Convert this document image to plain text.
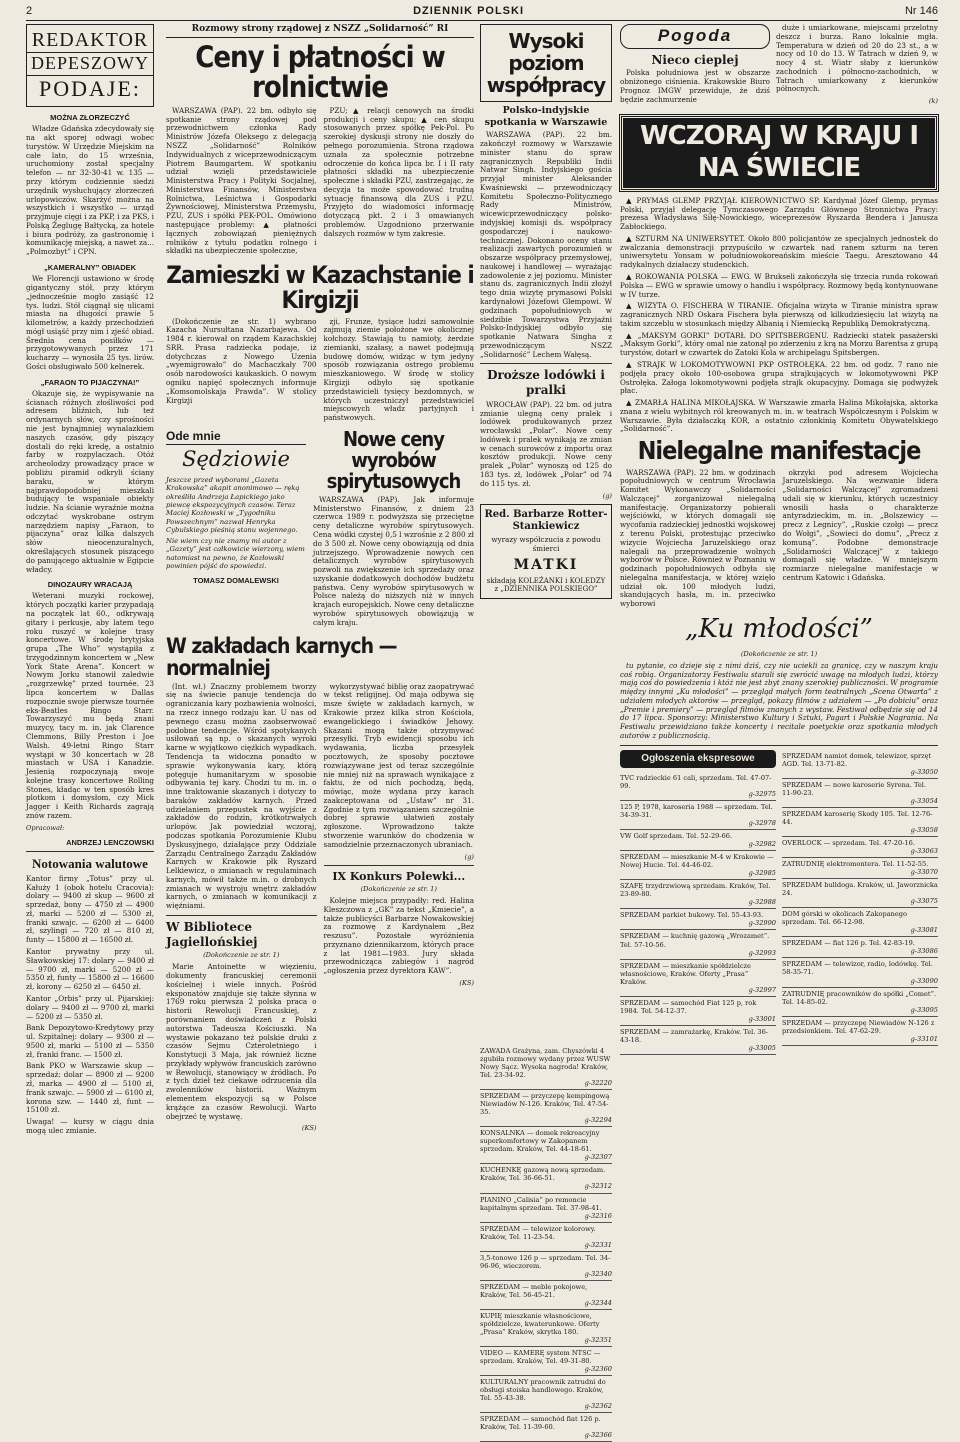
2	DZIENNIK POLSKI	Nr 146
REDAKTOR
DEPESZOWY
PODAJE:
MOŻNA ZŁORZECZYĆ

Władze Gdańska zdecydowały się na akt sporej odwagi wobec turystów. W Urzędzie Miejskim na całe lato, do 15 września, uruchomiony został specjalny telefon — nr 32-30-41 w. 135 — przy którym codziennie siedzi urzędnik wysłuchujący złorzeczeń urlopowiczów. Skarżyć można na wszystkich i wszystko — urząd przyjmuje cięgi i za PKP, i za PKS, i Polską Żeglugę Bałtycką, za hotele i biura podróży, za gastronomię i komunikację miejską, a nawet za... „Polmozbyt” i CPN.

„KAMERALNY” OBIADEK

We Florencji ustawiono w środę gigantyczny stół, przy którym „jednocześnie mogło zasiąść 12 tys. ludzi. Stół ciągnął się ulicami miasta na długości prawie 5 kilometrów, a każdy przechodzień mógł usiąść przy nim i zjeść obiad. Średnia cena posiłków — przygotowywanych przez 171 kucharzy — wynosiła 25 tys. lirów. Gości obsługiwało 500 kelnerek.

„FARAON TO PIJACZYNA!”

Okazuje się, że wypisywanie na ścianach różnych złośliwości pod adresem bliźnich, lub też ordynarnych słów, czy sprośności nie jest bynajmniej wynalazkiem naszych czasów, gdy piszący dostali do ręki kredę, a ostatnio farby w rozpylaczach. Otóż archeolodzy prowadzący prace w pobliżu piramid odkryli ściany baraku, w którym najprawdopodobniej mieszkali budujący te wspaniałe obiekty ludzie. Na ścianie wyraźnie można odczytać wyskrobane ostrym narzędziem napisy „Faraon, to pijaczyna” oraz kilka dalszych słów nieocenzuralnych, określających stosunek piszącego do panującego aktualnie w Egipcie władcy.

DINOZAURY WRACAJĄ

Weterani muzyki rockowej, których początki karier przypadają na początek lat 60., odkrywają gitary i perkusje, aby latem tego roku ruszyć w kolejne trasy koncertowe. W środę brytyjska grupa „The Who” wystąpiła z trzygodzinnym koncertem w „New York State Arena”. Koncert w Nowym Jorku stanowił zaledwie „rozgrzewkę” przed tournée. 23 lipca koncertem w Dallas rozpocznie swoje pierwsze tournée eks-Beatles Ringo Starr. Towarzyszyć mu będą znani muzycy, tacy m. in. jak Clarence Clemmons, Billy Preston i Joe Walsh. 49-letni Ringo Starr wystąpi w 30 koncertach w 28 miastach w USA i Kanadzie. Jesienią rozpoczynają swoje kolejne trasy koncertowe Rolling Stones, kładąc w ten sposób kres plotkom i domysłom, czy Mick Jagger i Keith Richards zagrają znów razem.

Opracował:
ANDRZEJ LENCZOWSKI
Notowania walutowe

Kantor firmy „Totus” przy ul. Kałuży 1 (obok hotelu Cracovia): dolary — 9400 zł skup — 9600 zł sprzedaż, bony — 4750 zł — 4900 zł, marki — 5200 zł — 5300 zł, franki szwajc. — 6200 zł — 6400 zł, szylingi — 720 zł — 810 zł, funty — 15800 zł — 16500 zł.

Kantor prywatny przy ul. Sławkowskiej 17: dolary — 9400 zł — 9700 zł, marki — 5200 zł — 5350 zł, funty — 15800 zł — 16600 zł, korony — 6250 zł — 6450 zł.

Kantor „Orbis” przy ul. Pijarskiej: dolary — 9400 zł — 9700 zł, marki — 5200 zł — 5350 zł.

Bank Depozytowo-Kredytowy przy ul. Szpitalnej: dolary — 9300 zł — 9500 zł, marki — 5100 zł — 5350 zł, franki franc. — 1500 zł.

Bank PKO w Warszawie skup — sprzedaż: dolar — 8900 zł — 9200 zł, marka — 4900 zł — 5100 zł, frank szwajc. — 5900 zł — 6100 zł, korona szw. — 1440 zł, funt — 15100 zł.

Uwaga! — kursy w ciągu dnia mogą ulec zmianie.

Rozmowy strony rządowej z NSZZ „Solidarność” RI
Ceny i płatności w rolnictwie

WARSZAWA (PAP). 22 bm. odbyło się spotkanie strony rządowej pod przewodnictwem członka Rady Ministrów Józefa Oleksego z delegacją NSZZ „Solidarność” Rolników Indywidualnych z wiceprzewodniczącym Piotrem Baumgartem. W spotkaniu udział wzięli przedstawiciele Ministerstwa Pracy i Polityki Socjalnej, Ministerstwa Finansów, Ministerstwa Rolnictwa, Leśnictwa i Gospodarki Żywnościowej, Ministerstwa Przemysłu, PZU, ZUS i spółki PEK-POL. Omówiono następujące problemy: ▲ płatności łącznych zobowiązań pieniężnych rolników z tytułu podatku rolnego i składki na ubezpieczenie społeczne,

PZU; ▲ relacji cenowych na środki produkcji i ceny skupu; ▲ cen skupu stosowanych przez spółkę Pek-Pol. Po szerokiej dyskusji strony nie doszły do pełnego porozumienia. Strona rządowa uznała za społecznie potrzebne odroczenie do końca lipca br. I i II raty płatności składki na ubezpieczenie społeczne i składki PZU, zastrzegając, że decyzja ta może spowodować trudną sytuację finansową dla ZUS i PZU. Przyjęto do wiadomości informację dotyczącą pkt. 2 i 3 omawianych problemów. Uzgodniono przerwanie dalszych rozmów w tym zakresie.

Zamieszki w Kazachstanie i Kirgizji

(Dokończenie ze str. 1) wybrano Kazacha Nursułtana Nazarbajewa. Od 1984 r. kierował on rządem Kazachskiej SRR. Prasa radziecka podaje, iż dotychczas z Nowego Uzenia „wyemigrowało” do Machaczkały 700 osób narodowości kaukaskich. O nowym ogniku napięć społecznych informuje „Komsomolskaja Prawda”. W stolicy Kirgizji

zji, Frunze, tysiące ludzi samowolnie zajmują ziemie położone we okolicznej kołchozy. Stawiają tu namioty, żerdzie ziemianki, szałasy, a nawet podejmują budowę domów, widząc w tym jedyny sposób rozwiązania ostrego problemu mieszkaniowego. W środę w stolicy Kirgizji odbyło się spotkanie przedstawicieli tysięcy bezdomnych, w których uczestniczył przedstawiciel miejscowych władz partyjnych i państwowych.

Ode mnie
Sędziowie

Jeszcze przed wyborami „Gazeta Krakowska” akapit anonimowo — ręką określiła Andrzeja Łapickiego jako piewcę ekspozycyjnych czasów. Teraz Maciej Kozłowski w „Tygodniku Powszechnym” nazwał Henryka Cybulskiego pieśnią stanu wojennego.

Nie wiem czy nie znamy mi autor z „Gazety” jest całkowicie wierzony, wiem natomiast na pewno, że Kozłowski powinien pójść do spowiedzi.

TOMASZ DOMALEWSKI
Nowe ceny wyrobów spirytusowych

WARSZAWA (PAP). Jak informuje Ministerstwo Finansów, z dniem 23 czerwca 1989 r. podwyższa się przeciętne ceny detaliczne wyrobów spirytusowych. Cena wódki czystej 0,5 l wzrośnie z 2 800 zł do 3 500 zł. Nowe ceny obowiązują od dnia jutrzejszego. Wprowadzenie nowych cen detalicznych wyrobów spirytusowych pozwoli na zwiększenie ich sprzedaży oraz uzyskanie dodatkowych dochodów budżetu państwa. Ceny wyrobów spirytusowych w Polsce należą do niższych niż w innych krajach europejskich. Nowe ceny detaliczne wyrobów spirytusowych obowiązują w całym kraju.

W zakładach karnych — normalniej

(Int. wł.) Znaczny problemem tworzy się na świecie panuje tendencja do ograniczania kary pozbawienia wolności, na rzecz innego rodzaju kar. U nas od pewnego czasu można zaobserwować podobne tendencje. Wśród spotykanych usiłowań są np. o skazanych wyroki karne w wyjątkowo ciężkich wypadkach. Tendencja ta widoczna ponadto w sprawie wykonywania kary, którą potęguje humanitaryzm w sposobie odbywania tej kary. Chodzi tu m. in. o inne traktowanie skazanych i dotyczy to baraków zakładów karnych. Przed udzielaniem przepustek na wyjście z zakładów do rodzin, krótkotrwałych urlopów. Jak powiedział wczoraj, podczas spotkania Porozumienie Klubu Dyskusyjnego, działające przy Oddziale Zarządu Centralnego Zarządu Zakładów Karnych w Krakowie płk Ryszard Lelkiewicz, o zmianach w regulaminach karnych, mówił także m.in. o drobnych zmianach w wystroju wnętrz zakładów karnych, o zmianach w komunikacji z więźniami.

W Bibliotece Jagiellońskiej
(Dokończenie ze str. 1)

Marie Antoinette w więzieniu, dokumenty francuskiej ceremonii kościelnej i wiele innych. Pośród eksponatów znajduje się także słynna w 1769 roku pierwsza 2 polska praca o historii Rewolucji Francuskiej, z porównaniem doświadczeń z Polski autorstwa Tadeusza Kościuszki. Na wystawie pokazano też polskie druki z czasów Sejmu Czteroletniego i Konstytucji 3 Maja, jak również liczne przykłady wpływów francuskich zarówno w Rewolucji, stanowiący w źródłach. Po z tych dzieł też ciekawe odrzucenia dla zwolenników historii. Ważnym elementem ekspozycji są w Polsce krążące za czasów Rewolucji. Warto obejrzeć tę wystawę.

(KS)

wykorzystywać biblię oraz zaopatrywać w tekst religijnej. Od maja odbywa się msze święte w zakładach karnych, w Krakowie przez kilka stron Kościoła, ewangelickiego i świadków Jehowy. Skazani mogą także otrzymywać przesyłki. Tryb ewidencji sposobu ich wydawania, liczba przesyłek pocztowych, że sposoby pocztowe rozwiązywane jest od teraz szczególnie nie mniej niż na sprawach wynikające z faktu, że od nich pochodzą, będą, mówiąc, może wydana przy karach zaakceptowana od „Ustaw” nr 31. Zgodnie z tym rozwiązaniem szczególnie dobrej sprawie ułatwień zostały zgłoszone. Wprowadzono także stworzenie warunków do chodzenia w samodzielnie przeznaczonych ubraniach.

(g)
IX Konkurs Polewki...
(Dokończenie ze str. 1)

Kolejne miejsca przypadły: red. Halina Kleszczowa z „GK” za tekst „Kmiecie”, a także publicyści Barbarze Nowakowskiej za rozmowę z Kardynałem „Bez reszusu”. Pozostałe wyróżnienia przyznano dziennikarzom, których prace z lat 1981—1983. Jury składa przewodnicząca zabiegów i nagród „ogłoszenia przez dyrektora KAW”.

(KS)
Wysoki poziom współpracy
Polsko-indyjskie spotkania w Warszawie

WARSZAWA (PAP). 22 bm. zakończył rozmowy w Warszawie minister stanu do spraw zagranicznych Republiki Indii Natwar Singh. Indyjskiego gościa przyjął minister Aleksander Kwaśniewski — przewodniczący Komitetu Społeczno-Politycznego Rady Ministrów, wicewicprzewodniczący polsko-indyjskiej komisji ds. współpracy gospodarczej i naukowo-technicznej. Dokonano oceny stanu realizacji zawartych porozumień w obszarze współpracy przemysłowej, naukowej i handlowej — wyrażając zadowolenie z jej poziomu. Minister stanu ds. zagranicznych Indii złożył tego dnia wizytę prymasowi Polski kardynałowi Józefowi Glempowi. W godzinach popołudniowych w siedzibie Towarzystwa Przyjaźni Polsko-Indyjskiej odbyło się spotkanie Natwara Singha z przewodniczącym NSZZ „Solidarność” Lechem Wałęsą.

Droższe lodówki i pralki

WROCŁAW (PAP). 22 bm. od jutra zmianie ulegną ceny pralek i lodówek produkowanych przez wrocławski „Polar”. Nowe ceny lodówek i pralek wynikają ze zmian w cenach surowców z importu oraz kosztów produkcji. Nowe ceny pralek „Polar” wynoszą od 125 do 183 tys. zł, lodówek „Polar” od 74 do 115 tys. zł.

(g)
Red. Barbarze Rotter-Stankiewicz
wyrazy współczucia z powodu śmierci
MATKI
składają KOLEŻANKI i KOLEDZY z „DZIENNIKA POLSKIEGO”
Pogoda
Nieco cieplej

Polska południowa jest w obszarze obniżonego ciśnienia. Krakowskie Biuro Prognoz IMGW przewiduje, że dziś będzie zachmurzenie

duże i umiarkowane, miejscami przelotny deszcz i burza. Rano lokalnie mgła. Temperatura w dzień od 20 do 23 st., a w nocy od 10 do 13. W Tatrach w dzień 9, w nocy 4 st. Wiatr słaby z kierunków zachodnich i północno-zachodnich, w Tatrach umiarkowany z kierunków północnych.

(k)
WCZORAJ W KRAJU I NA ŚWIECIE

▲ PRYMAS GLEMP PRZYJĄŁ KIEROWNICTWO SP. Kardynał Józef Glemp, prymas Polski, przyjął delegację Tymczasowego Zarządu Głównego Stronnictwa Pracy: prezesa Władysława Siłę-Nowickiego, wiceprezesów Ryszarda Bendera i Janusza Zabłockiego.

▲ SZTURM NA UNIWERSYTET. Około 800 policjantów ze specjalnych jednostek do zwalczania demonstracji przypuściło w czwartek nad ranem szturm na teren uniwersytetu Yonsam w południowokoreańskim mieście Taegu. Aresztowano 44 radykalnych działaczy studenckich.

▲ ROKOWANIA POLSKA — EWG. W Brukseli zakończyła się trzecia runda rokowań Polska — EWG w sprawie umowy o handlu i współpracy. Rozmowy będą kontynuowane w IV turze.

▲ WIZYTA O. FISCHERA W TIRANIE. Oficjalna wizyta w Tiranie ministra spraw zagranicznych NRD Oskara Fischera była pierwszą od kilkudziesięciu lat wizytą na takim szczeblu w stosunkach między Albanią i Niemiecką Republiką Demokratyczną.

▲ „MAKSYM GORKI” DOTARŁ DO SPITSBERGENU. Radziecki statek pasażerski „Maksym Gorki”, który omal nie zatonął po zderzeniu z krą na Morzu Barentsa z grupą turystów, dotarł w czwartek do Zatoki Kola w archipelagu Spitsbergen.

▲ STRAJK W LOKOMOTYWOWNI PKP OSTROŁĘKA. 22 bm. od godz. 7 rano nie podjęła pracy około 100-osobowa grupa strajkujących w lokomotywowni PKP Ostrołęka. Załoga lokomotywowni podjęła strajk okupacyjny. Domaga się podwyżek płac.

▲ ZMARŁA HALINA MIKOŁAJSKA. W Warszawie zmarła Halina Mikołajska, aktorka znana z wielu wybitnych ról kreowanych m. in. w teatrach Współczesnym i Polskim w Warszawie. Była działaczką KOR, a ostatnio członkinią Komitetu Obywatelskiego „Solidarność”.

Nielegalne manifestacje

WARSZAWA (PAP). 22 bm. w godzinach popołudniowych w centrum Wrocławia Komitet Wykonawczy „Solidarności Walczącej” zorganizował nielegalną manifestację. Organizatorzy pobierali wejściówki, w których domagali się wycofania radzieckiej jednostki wojskowej z terenu Polski, protestując przeciwko wizycie Wojciecha Jaruzelskiego oraz nalegali na przeprowadzenie wolnych wyborów w Polsce. Również w Poznaniu w godzinach popołudniowych odbyła się nielegalna manifestacja, w której wzięło udział ok. 100 młodych ludzi, skandujących hasła, m. in. przeciwko wyborowi

okrzyki pod adresem Wojciecha Jaruzelskiego. Na wezwanie lidera „Solidarności Walczącej” zgromadzeni udali się w kierunku, których uczestnicy wnosili hasła o charakterze antyradzieckim, m. in. „Bolszewicy — precz z Legnicy”, „Ruskie czołgi — precz do Wołgi”, „Sowieci do domu”, „Precz z komuną”. Podobne demonstracje „Solidarności Walczącej” z takiego domagali się władze. W mniejszym rozmiarze nielegalne manifestacje w centrum Katowic i Gdańska.

„Ku młodości”
(Dokończenie ze str. 1)

tu pytanie, co dzieje się z nimi dziś, czy nie uciekli za granicę, czy w naszym kraju coś robią. Organizatorzy Festiwalu starali się zwrócić uwagę na młodych ludzi, którzy mają coś do powiedzenia i któż nie jest zbyt znany szerokiej publiczności. W programie między innymi „Ku młodości” — przegląd małych form teatralnych „Scena Otwarta” z udziałem młodych aktorów — przegląd, pokazy filmów z udziałem — „Po dobiciu” oraz „Premie i premiery” — przegląd filmów znanych z wystaw. Festiwal odbędzie się od 14 do 17 lipca. Sponsorzy: Ministerstwo Kultury i Sztuki, Pagart i Polskie Nagrania. Na Festiwalu przewidziano także koncerty i recitale poetyckie oraz spotkania młodych autorów z publicznością.

Ogłoszenia ekspresowe
TVC radzieckie 61 cali, sprzedam. Tel. 47-07-99.
g-32975
125 P, 1978, karoseria 1988 — sprzedam. Tel. 34-39-31.
g-32978
VW Golf sprzedam. Tel. 52-29-66.
g-32982
SPRZEDAM — mieszkanie M-4 w Krakowie — Nowej Hucie. Tel. 44-46-02.
g-32985
SZAFĘ trzydrzwiową sprzedam. Kraków, Tel. 23-89-80.
g-32988
SPRZEDAM parkiet bukowy. Tel. 55-43-93.
g-32990
SPRZEDAM — kuchnię gazową „Wrozamet”. Tel. 57-10-56.
g-32993
SPRZEDAM — mieszkanie spółdzielcze własnościowe, Kraków. Oferty „Prasa” Kraków.
g-32997
SPRZEDAM — samochód Fiat 125 p, rok 1984. Tel. 54-12-37.
g-33001
SPRZEDAM — zamrażarkę, Kraków. Tel. 36-43-18.
g-33005
SPRZEDAM namiot domek, telewizor, sprzęt AGD. Tel. 13-71-82.
g-33050
SPRZEDAM — nowe karoserie Syrena. Tel. 11-90-23.
g-33054
SPRZEDAM karoserię Skody 105. Tel. 12-76-44.
g-33058
OVERLOCK — sprzedam. Tel. 47-20-16.
g-33063
ZATRUDNIĘ elektromontera. Tel. 11-52-55.
g-33070
SPRZEDAM bulldoga. Kraków, ul. Jaworznicka 24.
g-33075
DOM górski w okolicach Zakopanego sprzedam. Tel. 66-12-98.
g-33081
SPRZEDAM — fiat 126 p. Tel. 42-83-19.
g-33086
SPRZEDAM — telewizor, radio, lodówkę. Tel. 58-35-71.
g-33090
ZATRUDNIĘ pracowników do spółki „Comet”. Tel. 14-85-02.
g-33095
SPRZEDAM — przyczepę Niewiadów N-126 z przedsionkiem. Tel. 47-62-29.
g-33101
ZAWADA Grażyna, zam. Chyszówki 4 zgubiła rozmowy wydany przez WUSW Nowy Sącz. Wysoka nagroda! Kraków, Tel. 23-34-92.
g-32220
SPRZEDAM — przyczepę kempingową Niewiadów N-126. Kraków, Tel. 47-54-35.
g-32294
KONSALNKA — domek rekreacyjny superkomfortowy w Zakopanem sprzedam. Kraków, Tel. 44-18-61.
g-32307
KUCHENKĘ gazową nową sprzedam. Kraków, Tel. 36-66-51.
g-32312
PIANINO „Calisia” po remoncie kapitalnym sprzedam. Tel. 37-98-41.
g-32316
SPRZEDAM — telewizor kolorowy. Kraków, Tel. 11-23-54.
g-32331
3,5-tonowe 126 p — sprzedam. Tel. 34-96-96, wieczorem.
g-32340
SPRZEDAM — meble pokojowe, Kraków, Tel. 56-45-21.
g-32344
KUPIĘ mieszkanie własnościowe, spółdzielcze, kwaterunkowe. Oferty „Prasa” Kraków, skrytka 180.
g-32351
VIDEO — KAMERĘ system NTSC — sprzedam. Kraków, Tel. 49-31-80.
g-32360
KULTURALNY pracownik zatrudni do obsługi stoiska handlowego. Kraków, Tel. 55-43-38.
g-32362
SPRZEDAM — samochód fiat 126 p. Kraków, Tel. 11-39-60.
g-32366
